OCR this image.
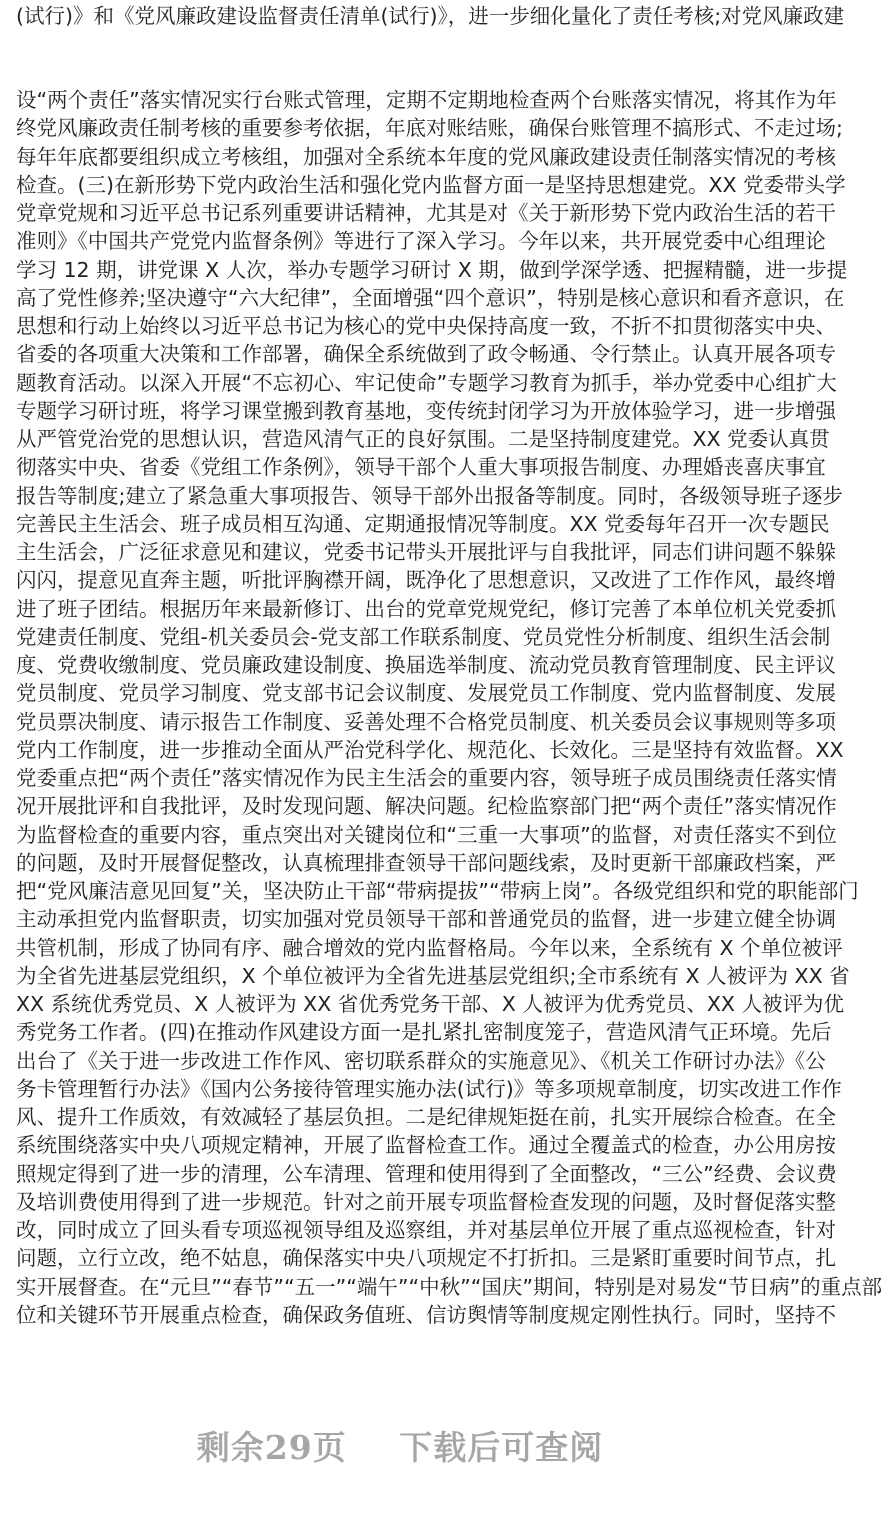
(试行)》和《党风廉政建设监督责任清单(试行)》，进一步细化量化了责任考核;对党风廉政建
设“两个责任”落实情况实行台账式管理，定期不定期地检查两个台账落实情况，将其作为年
终党风廉政责任制考核的重要参考依据，年底对账结账，确保台账管理不搞形式、不走过场;
每年年底都要组织成立考核组，加强对全系统本年度的党风廉政建设责任制落实情况的考核
检查。(三)在新形势下党内政治生活和强化党内监督方面一是坚持思想建党。XX 党委带头学
党章党规和习近平总书记系列重要讲话精神，尤其是对《关于新形势下党内政治生活的若干
准则》《中国共产党党内监督条例》等进行了深入学习。今年以来，共开展党委中心组理论
学习 12 期，讲党课 X 人次，举办专题学习研讨 X 期，做到学深学透、把握精髓，进一步提
高了党性修养;坚决遵守“六大纪律”，全面增强“四个意识”，特别是核心意识和看齐意识，在
思想和行动上始终以习近平总书记为核心的党中央保持高度一致，不折不扣贯彻落实中央、
省委的各项重大决策和工作部署，确保全系统做到了政令畅通、令行禁止。认真开展各项专
题教育活动。以深入开展“不忘初心、牢记使命”专题学习教育为抓手，举办党委中心组扩大
专题学习研讨班，将学习课堂搬到教育基地，变传统封闭学习为开放体验学习，进一步增强
从严管党治党的思想认识，营造风清气正的良好氛围。二是坚持制度建党。XX 党委认真贯
彻落实中央、省委《党组工作条例》，领导干部个人重大事项报告制度、办理婚丧喜庆事宜
报告等制度;建立了紧急重大事项报告、领导干部外出报备等制度。同时，各级领导班子逐步
完善民主生活会、班子成员相互沟通、定期通报情况等制度。XX 党委每年召开一次专题民
主生活会，广泛征求意见和建议，党委书记带头开展批评与自我批评，同志们讲问题不躲躲
闪闪，提意见直奔主题，听批评胸襟开阔，既净化了思想意识，又改进了工作作风，最终增
进了班子团结。根据历年来最新修订、出台的党章党规党纪，修订完善了本单位机关党委抓
党建责任制度、党组-机关委员会-党支部工作联系制度、党员党性分析制度、组织生活会制
度、党费收缴制度、党员廉政建设制度、换届选举制度、流动党员教育管理制度、民主评议
党员制度、党员学习制度、党支部书记会议制度、发展党员工作制度、党内监督制度、发展
党员票决制度、请示报告工作制度、妥善处理不合格党员制度、机关委员会议事规则等多项
党内工作制度，进一步推动全面从严治党科学化、规范化、长效化。三是坚持有效监督。XX
党委重点把“两个责任”落实情况作为民主生活会的重要内容，领导班子成员围绕责任落实情
况开展批评和自我批评，及时发现问题、解决问题。纪检监察部门把“两个责任”落实情况作
为监督检查的重要内容，重点突出对关键岗位和“三重一大事项”的监督，对责任落实不到位
的问题，及时开展督促整改，认真梳理排查领导干部问题线索，及时更新干部廉政档案，严
把“党风廉洁意见回复”关，坚决防止干部“带病提拔”“带病上岗”。各级党组织和党的职能部门
主动承担党内监督职责，切实加强对党员领导干部和普通党员的监督，进一步建立健全协调
共管机制，形成了协同有序、融合增效的党内监督格局。今年以来，全系统有 X 个单位被评
为全省先进基层党组织，X 个单位被评为全省先进基层党组织;全市系统有 X 人被评为 XX 省
XX 系统优秀党员、X 人被评为 XX 省优秀党务干部、X 人被评为优秀党员、XX 人被评为优
秀党务工作者。(四)在推动作风建设方面一是扎紧扎密制度笼子，营造风清气正环境。先后
出台了《关于进一步改进工作作风、密切联系群众的实施意见》、《机关工作研讨办法》《公
务卡管理暂行办法》《国内公务接待管理实施办法(试行)》等多项规章制度，切实改进工作作
风、提升工作质效，有效减轻了基层负担。二是纪律规矩挺在前，扎实开展综合检查。在全
系统围绕落实中央八项规定精神，开展了监督检查工作。通过全覆盖式的检查，办公用房按
照规定得到了进一步的清理，公车清理、管理和使用得到了全面整改，“三公”经费、会议费
及培训费使用得到了进一步规范。针对之前开展专项监督检查发现的问题，及时督促落实整
改，同时成立了回头看专项巡视领导组及巡察组，并对基层单位开展了重点巡视检查，针对
问题，立行立改，绝不姑息，确保落实中央八项规定不打折扣。三是紧盯重要时间节点，扎
实开展督查。在“元旦”“春节”“五一”“端午”“中秋”“国庆”期间，特别是对易发“节日病”的重点部
位和关键环节开展重点检查，确保政务值班、信访舆情等制度规定刚性执行。同时，坚持不
剩余29页 下载后可查阅
